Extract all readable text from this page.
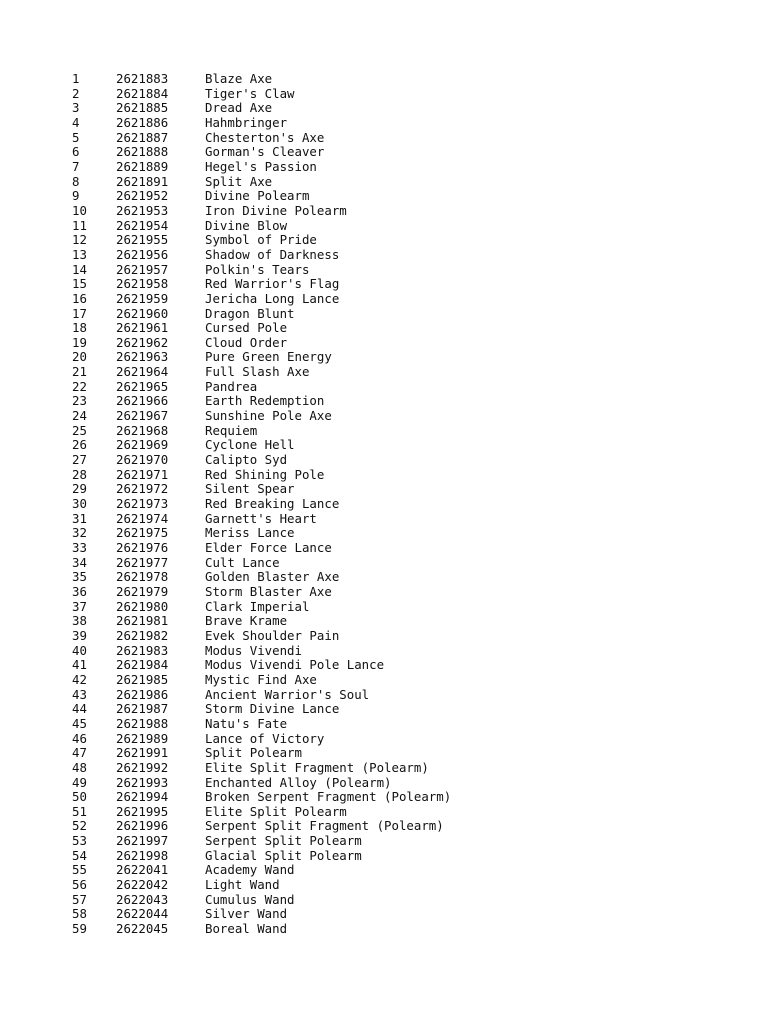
1	2621883	Blaze Axe
2	2621884	Tiger's Claw
3	2621885	Dread Axe
4	2621886	Hahmbringer
5	2621887	Chesterton's Axe
6	2621888	Gorman's Cleaver
7	2621889	Hegel's Passion
8	2621891	Split Axe
9	2621952	Divine Polearm
10 2621953	Iron Divine Polearm
11 2621954	Divine Blow
12 2621955	Symbol of Pride
13 2621956	Shadow of Darkness
14 2621957	Polkin's Tears
15 2621958	Red Warrior's Flag
16 2621959	Jericha Long Lance
17 2621960	Dragon Blunt
18 2621961	Cursed Pole
19 2621962	Cloud Order
20 2621963	Pure Green Energy
21 2621964	Full Slash Axe
22 2621965	Pandrea
23 2621966	Earth Redemption
24 2621967	Sunshine Pole Axe
25 2621968	Requiem
26 2621969	Cyclone Hell
27 2621970	Calipto Syd
28 2621971	Red Shining Pole
29 2621972	Silent Spear
30 2621973	Red Breaking Lance
31 2621974	Garnett's Heart
32 2621975	Meriss Lance
33 2621976	Elder Force Lance
34 2621977	Cult Lance
35 2621978	Golden Blaster Axe
36 2621979	Storm Blaster Axe
37 2621980	Clark Imperial
38 2621981	Brave Krame
39 2621982	Evek Shoulder Pain
40 2621983	Modus Vivendi
41 2621984	Modus Vivendi Pole Lance
42 2621985	Mystic Find Axe
43 2621986	Ancient Warrior's Soul
44 2621987	Storm Divine Lance
45 2621988	Natu's Fate
46 2621989	Lance of Victory
47 2621991	Split Polearm
48 2621992	Elite Split Fragment (Polearm)
49 2621993	Enchanted Alloy (Polearm)
50 2621994	Broken Serpent Fragment (Polearm)
51 2621995	Elite Split Polearm
52 2621996	Serpent Split Fragment (Polearm)
53 2621997	Serpent Split Polearm
54 2621998	Glacial Split Polearm
55 2622041	Academy Wand
56 2622042	Light Wand
57 2622043	Cumulus Wand
58 2622044	Silver Wand
59 2622045	Boreal Wand
